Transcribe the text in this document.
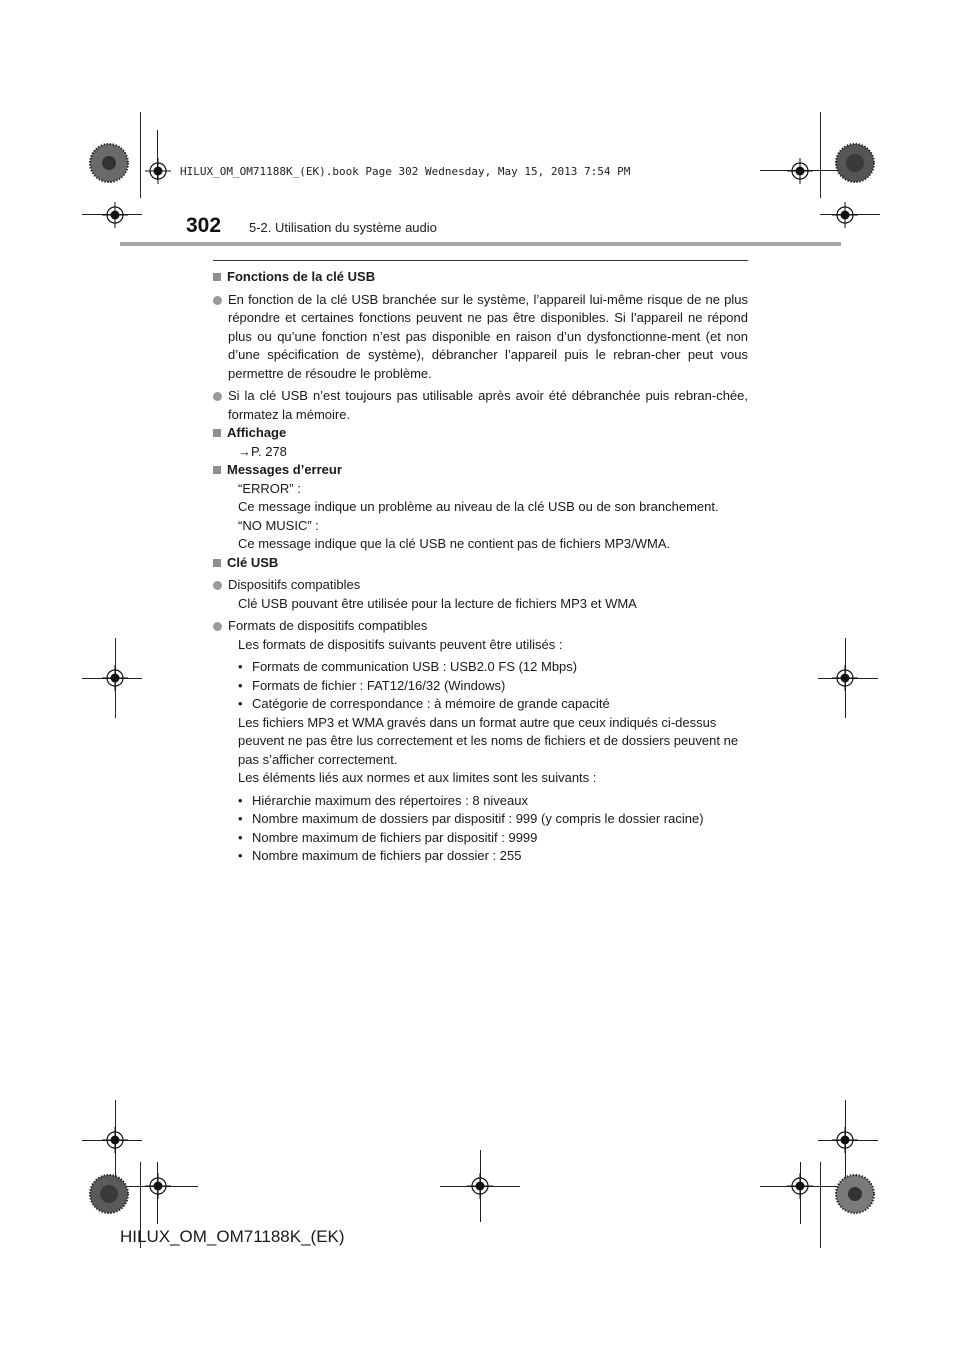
HILUX_OM_OM71188K_(EK).book Page 302 Wednesday, May 15, 2013 7:54 PM
302 5-2. Utilisation du système audio

Fonctions de la clé USB

En fonction de la clé USB branchée sur le système, l’appareil lui-même risque de ne plus répondre et certaines fonctions peuvent ne pas être disponibles. Si l’appareil ne répond plus ou qu’une fonction n’est pas disponible en raison d’un dysfonctionne-ment (et non d’une spécification de système), débrancher l’appareil puis le rebran-cher peut vous permettre de résoudre le problème.

Si la clé USB n’est toujours pas utilisable après avoir été débranchée puis rebran-chée, formatez la mémoire.

Affichage

→P. 278

Messages d’erreur

“ERROR” :

Ce message indique un problème au niveau de la clé USB ou de son branchement.

“NO MUSIC” :

Ce message indique que la clé USB ne contient pas de fichiers MP3/WMA.

Clé USB

Dispositifs compatibles

Clé USB pouvant être utilisée pour la lecture de fichiers MP3 et WMA

Formats de dispositifs compatibles

Les formats de dispositifs suivants peuvent être utilisés :

• Formats de communication USB : USB2.0 FS (12 Mbps)
• Formats de fichier : FAT12/16/32 (Windows)
• Catégorie de correspondance : à mémoire de grande capacité

Les fichiers MP3 et WMA gravés dans un format autre que ceux indiqués ci-dessus peuvent ne pas être lus correctement et les noms de fichiers et de dossiers peuvent ne pas s’afficher correctement.

Les éléments liés aux normes et aux limites sont les suivants :

• Hiérarchie maximum des répertoires : 8 niveaux
• Nombre maximum de dossiers par dispositif : 999 (y compris le dossier racine)
• Nombre maximum de fichiers par dispositif : 9999
• Nombre maximum de fichiers par dossier : 255
HILUX_OM_OM71188K_(EK)
